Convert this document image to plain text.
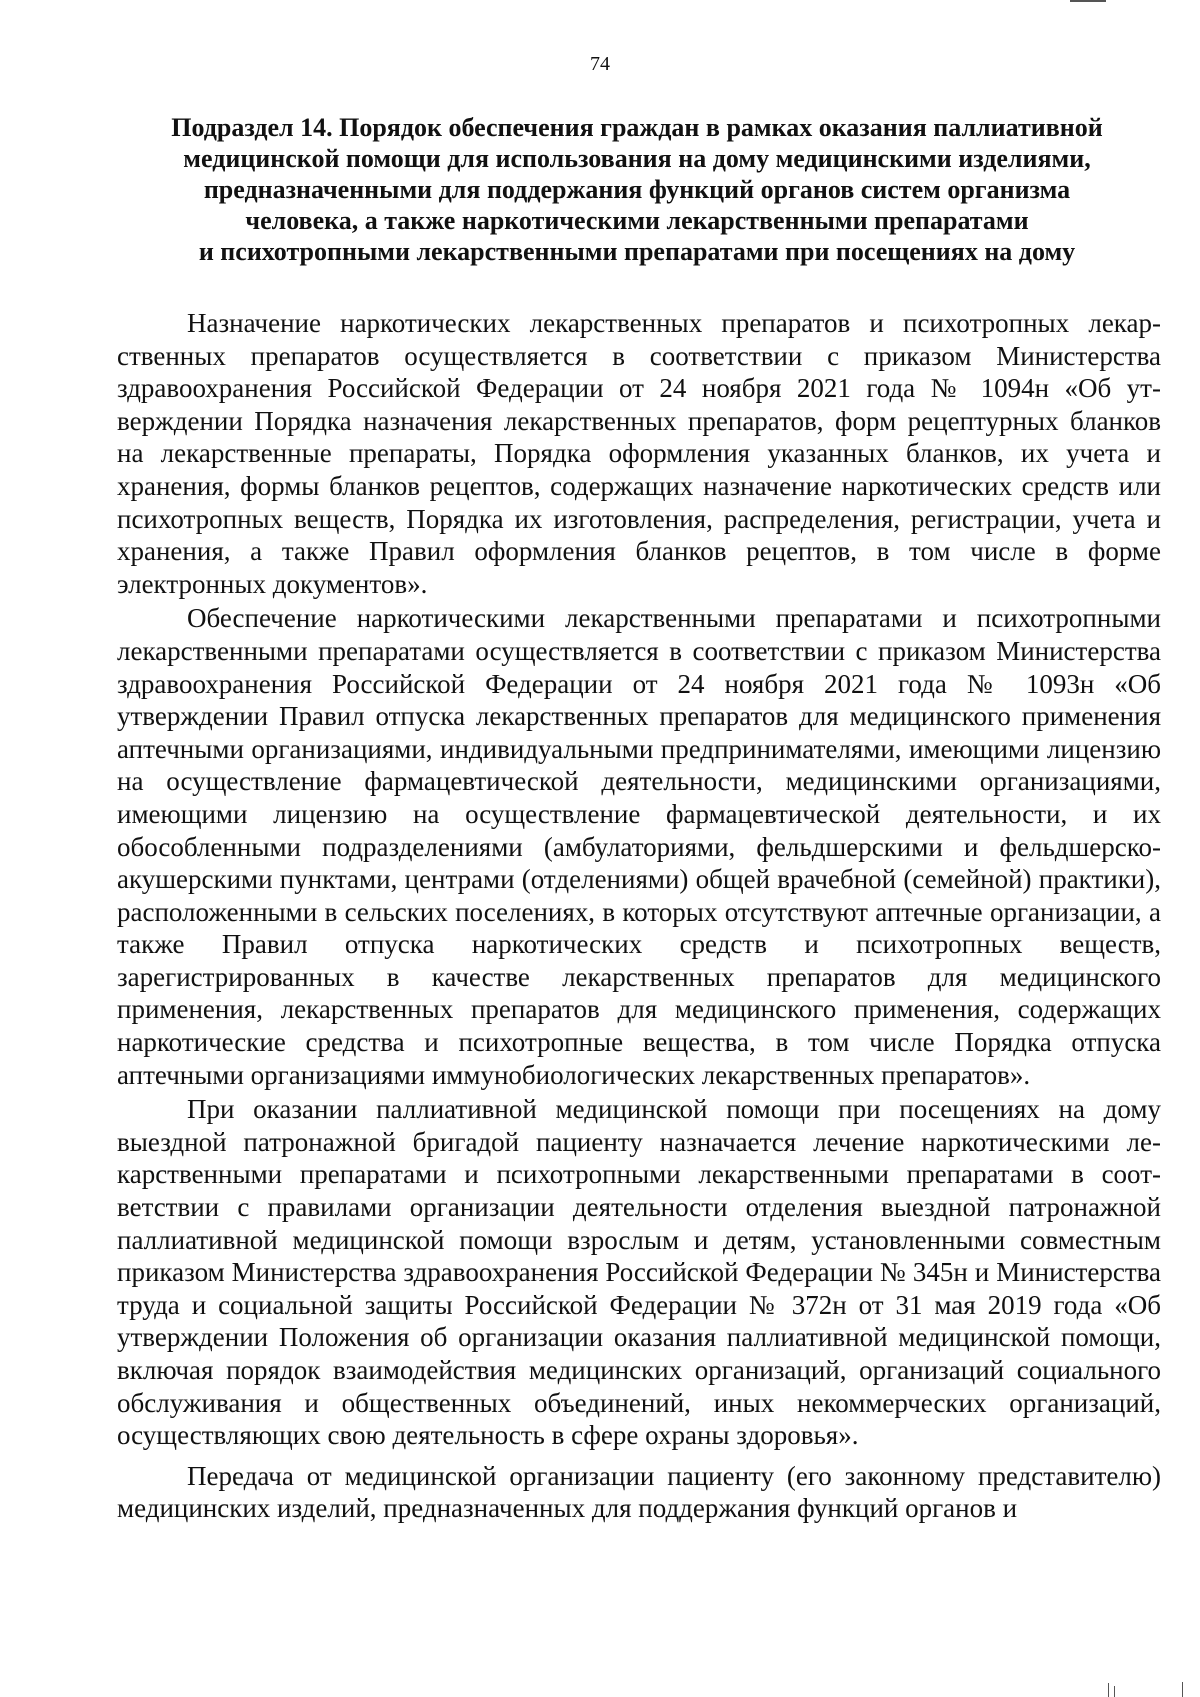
74
Подраздел 14. Порядок обеспечения граждан в рамках оказания паллиативной
медицинской помощи для использования на дому медицинскими изделиями,
предназначенными для поддержания функций органов систем организма
человека, а также наркотическими лекарственными препаратами
и психотропными лекарственными препаратами при посещениях на дому

Назначение наркотических лекарственных препаратов и психотропных лекарственных препаратов осуществляется в соответствии с приказом Министерства здравоохранения Российской Федерации от 24 ноября 2021 года № 1094н «Об утверждении Порядка назначения лекарственных препаратов, форм рецептурных бланков на лекарственные препараты, Порядка оформления указанных бланков, их учета и хранения, формы бланков рецептов, содержащих назначение наркотических средств или психотропных веществ, Порядка их изготовления, распределения, регистрации, учета и хранения, а также Правил оформления бланков рецептов, в том числе в форме электронных документов».

Обеспечение наркотическими лекарственными препаратами и психотропными лекарственными препаратами осуществляется в соответствии с приказом Министерства здравоохранения Российской Федерации от 24 ноября 2021 года № 1093н «Об утверждении Правил отпуска лекарственных препаратов для медицинского применения аптечными организациями, индивидуальными предпринимателями, имеющими лицензию на осуществление фармацевтической деятельности, медицинскими организациями, имеющими лицензию на осуществление фармацевтической деятельности, и их обособленными подразделениями (амбулаториями, фельдшерскими и фельдшерско-акушерскими пунктами, центрами (отделениями) общей врачебной (семейной) практики), расположенными в сельских поселениях, в которых отсутствуют аптечные организации, а также Правил отпуска наркотических средств и психотропных веществ, зарегистрированных в качестве лекарственных препаратов для медицинского применения, лекарственных препаратов для медицинского применения, содержащих наркотические средства и психотропные вещества, в том числе Порядка отпуска аптечными организациями иммунобиологических лекарственных препаратов».

При оказании паллиативной медицинской помощи при посещениях на дому выездной патронажной бригадой пациенту назначается лечение наркотическими лекарственными препаратами и психотропными лекарственными препаратами в соответствии с правилами организации деятельности отделения выездной патронажной паллиативной медицинской помощи взрослым и детям, установленными совместным приказом Министерства здравоохранения Российской Федерации № 345н и Министерства труда и социальной защиты Российской Федерации № 372н от 31 мая 2019 года «Об утверждении Положения об организации оказания паллиативной медицинской помощи, включая порядок взаимодействия медицинских организаций, организаций социального обслуживания и общественных объединений, иных некоммерческих организаций, осуществляющих свою деятельность в сфере охраны здоровья».

Передача от медицинской организации пациенту (его законному представителю) медицинских изделий, предназначенных для поддержания функций органов и
